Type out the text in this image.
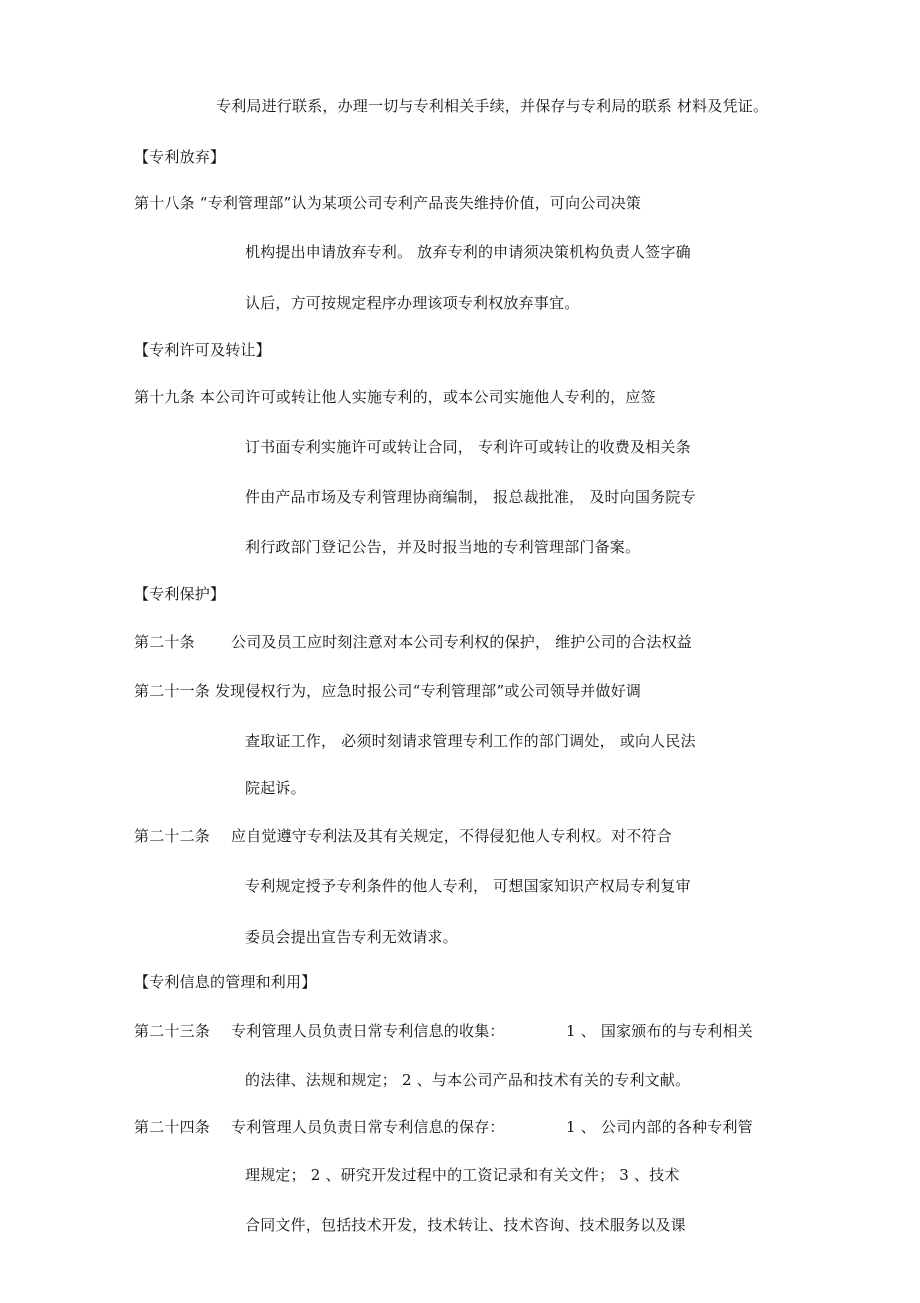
专利局进行联系，办理一切与专利相关手续，并保存与专利局的联系 材料及凭证。
【专利放弃】
第十八条 “专利管理部”认为某项公司专利产品丧失维持价值，可向公司决策
机构提出申请放弃专利。 放弃专利的申请须决策机构负责人签字确
认后，方可按规定程序办理该项专利权放弃事宜。
【专利许可及转让】
第十九条 本公司许可或转让他人实施专利的，或本公司实施他人专利的，应签
订书面专利实施许可或转让合同， 专利许可或转让的收费及相关条
件由产品市场及专利管理协商编制， 报总裁批准， 及时向国务院专
利行政部门登记公告，并及时报当地的专利管理部门备案。
【专利保护】
第二十条 公司及员工应时刻注意对本公司专利权的保护， 维护公司的合法权益
第二十一条 发现侵权行为，应急时报公司“专利管理部”或公司领导并做好调
查取证工作， 必须时刻请求管理专利工作的部门调处， 或向人民法
院起诉。
第二十二条 应自觉遵守专利法及其有关规定，不得侵犯他人专利权。对不符合
专利规定授予专利条件的他人专利， 可想国家知识产权局专利复审
委员会提出宣告专利无效请求。
【专利信息的管理和利用】
第二十三条 专利管理人员负责日常专利信息的收集：	1 、 国家颁布的与专利相关
的法律、法规和规定； 2 、与本公司产品和技术有关的专利文献。
第二十四条 专利管理人员负责日常专利信息的保存：	1 、 公司内部的各种专利管
理规定； 2 、研究开发过程中的工资记录和有关文件； 3 、技术
合同文件，包括技术开发，技术转让、技术咨询、技术服务以及课
